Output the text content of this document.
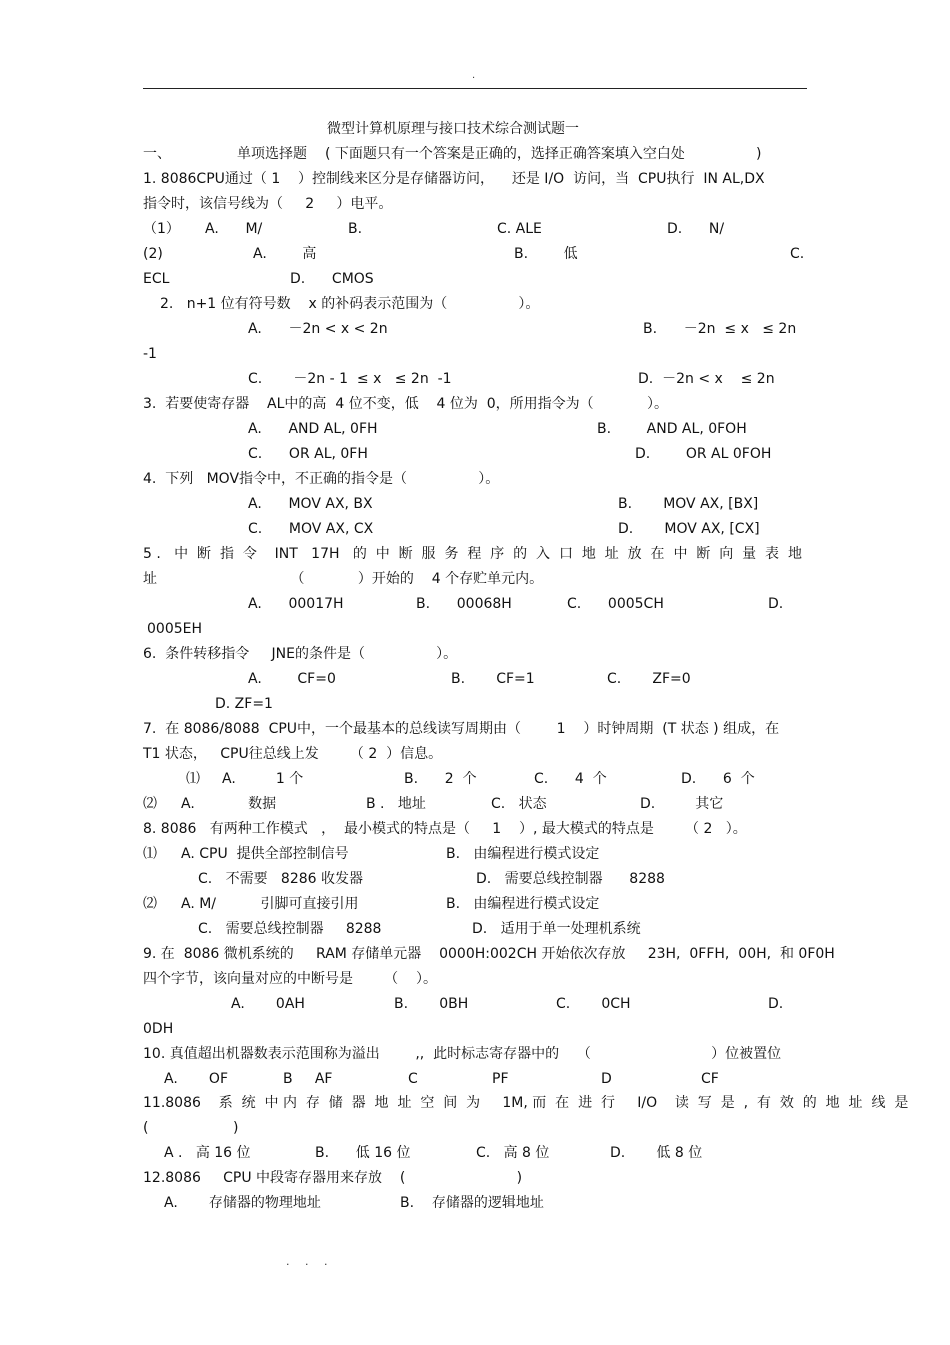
.
微型计算机原理与接口技术综合测试题一
一、	单项选择题 ( 下面题只有一个答案是正确的，选择正确答案填入空白处	)
1. 8086CPU通过（ 1    ）控制线来区分是存储器访问，    还是 I/O  访问，当  CPU执行  IN AL,DX
指令时，该信号线为（     2     ）电平。
（1） A.      M/	B.	C. ALE	D.      N/
(2)	A.        高	B.        低	C.
ECL	D.      CMOS
2.   n+1 位有符号数    x 的补码表示范围为（                ）。
A.      －2n < x < 2n	B.      －2n  ≤ x   ≤ 2n
-1
C.       －2n - 1  ≤ x   ≤ 2n  -1	D.  －2n < x    ≤ 2n
3.  若要使寄存器    AL中的高  4 位不变，低    4 位为  0，所用指令为（            ）。
A.      AND AL, 0FH	B.        AND AL, 0FOH
C.      OR AL, 0FH	D.        OR AL 0FOH
4.  下列   MOV指令中，不正确的指令是（                ）。
A.      MOV AX, BX	B.       MOV AX, [BX]
C.      MOV AX, CX	D.       MOV AX, [CX]
5 .   中  断  指  令    INT   17H   的  中  断  服  务  程  序  的  入  口  地  址  放  在  中  断  向  量  表  地
址                              （            ）开始的    4 个存贮单元内。
A.      00017H	B.      00068H	C.      0005CH	D.
0005EH
6.  条件转移指令     JNE的条件是（                ）。
A.        CF=0	B.       CF=1	C.       ZF=0
D. ZF=1
7.  在 8086/8088  CPU中，一个最基本的总线读写周期由（        1    ）时钟周期  (T 状态 ) 组成，在
T1 状态，   CPU往总线上发       （ 2  ）信息。
⑴ A.         1 个	B.      2  个	C.      4  个	D.      6  个
⑵ A.            数据	B .   地址	C.   状态	D.         其它
8. 8086   有两种工作模式   ，  最小模式的特点是（     1    ）, 最大模式的特点是       （ 2   ）。
⑴ A. CPU  提供全部控制信号	B.   由编程进行模式设定
C.   不需要   8286 收发器	D.   需要总线控制器      8288
⑵ A. M/          引脚可直接引用	B.   由编程进行模式设定
C.   需要总线控制器     8288	D.   适用于单一处理机系统
9. 在  8086 微机系统的     RAM 存储单元器    0000H:002CH 开始依次存放     23H,  0FFH,  00H,  和 0F0H
四个字节，该向量对应的中断号是       （    ）。
A.       0AH	B.       0BH	C.       0CH	D.
0DH
10. 真值超出机器数表示范围称为溢出        ,,  此时标志寄存器中的    （                           ）位被置位
A.       OF	B     AF	C	PF	D	CF
11.8086    系  统  中 内  存  储  器  地  址  空  间  为     1M, 而  在  进  行     I/O    读  写  是  ,  有  效  的  地  址  线  是
(                   )
A .   高 16 位	B.      低 16 位	C.   高 8 位	D.       低 8 位
12.8086     CPU 中段寄存器用来存放    (                         )
A.       存储器的物理地址	B.    存储器的逻辑地址
. . .
